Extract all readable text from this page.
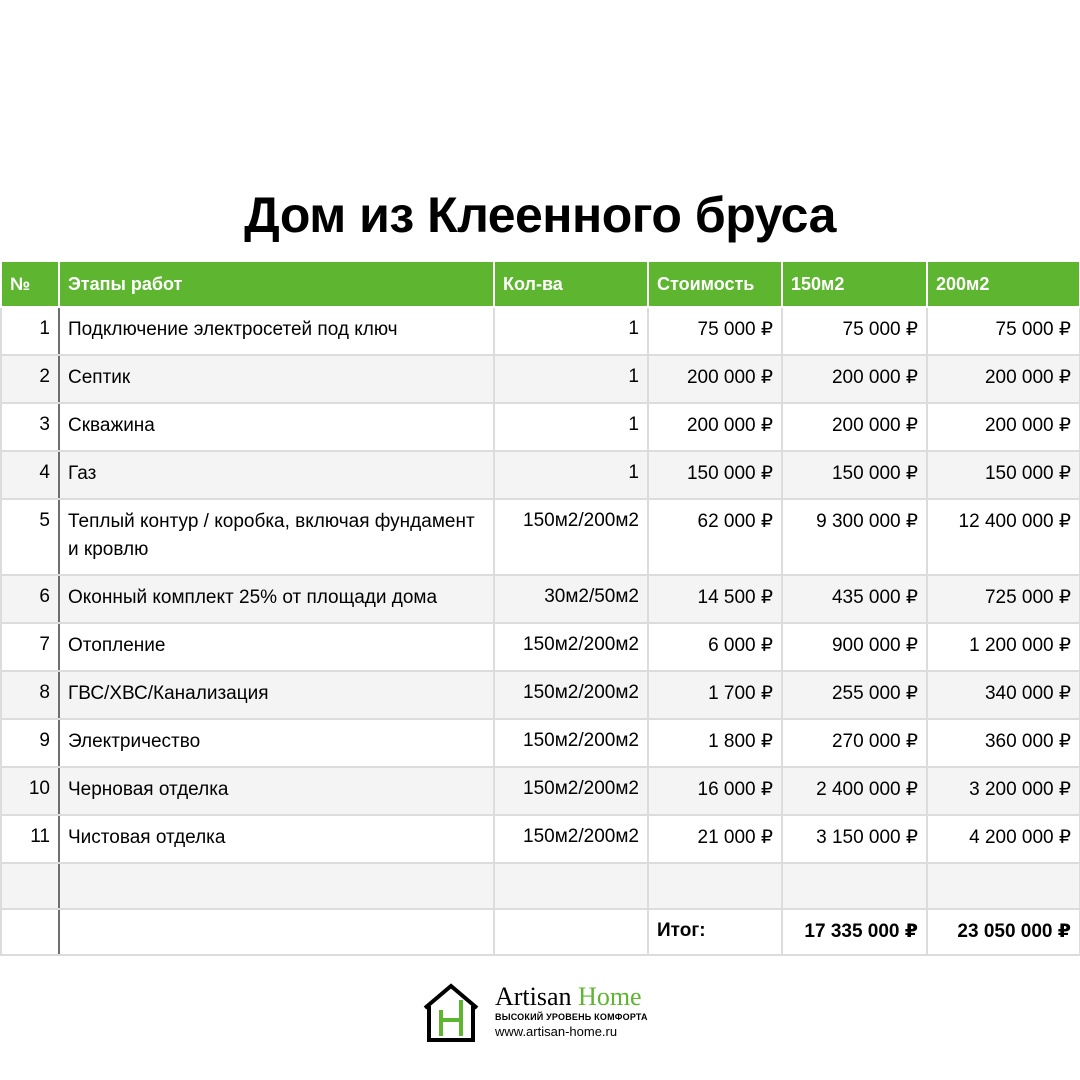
Дом из Клеенного бруса
№	Этапы работ	Кол-ва	Стоимость	150м2	200м2
1	Подключение электросетей под ключ	1	75 000 ₽	75 000 ₽	75 000 ₽
2	Септик	1	200 000 ₽	200 000 ₽	200 000 ₽
3	Скважина	1	200 000 ₽	200 000 ₽	200 000 ₽
4	Газ	1	150 000 ₽	150 000 ₽	150 000 ₽
5	Теплый контур / коробка, включая фундамент и кровлю	150м2/200м2	62 000 ₽	9 300 000 ₽	12 400 000 ₽
6	Оконный комплект 25% от площади дома	30м2/50м2	14 500 ₽	435 000 ₽	725 000 ₽
7	Отопление	150м2/200м2	6 000 ₽	900 000 ₽	1 200 000 ₽
8	ГВС/ХВС/Канализация	150м2/200м2	1 700 ₽	255 000 ₽	340 000 ₽
9	Электричество	150м2/200м2	1 800 ₽	270 000 ₽	360 000 ₽
10	Черновая отделка	150м2/200м2	16 000 ₽	2 400 000 ₽	3 200 000 ₽
11	Чистовая отделка	150м2/200м2	21 000 ₽	3 150 000 ₽	4 200 000 ₽

			Итог:	17 335 000 ₽	23 050 000 ₽
Artisan Home
ВЫСОКИЙ УРОВЕНЬ КОМФОРТА
www.artisan-home.ru
